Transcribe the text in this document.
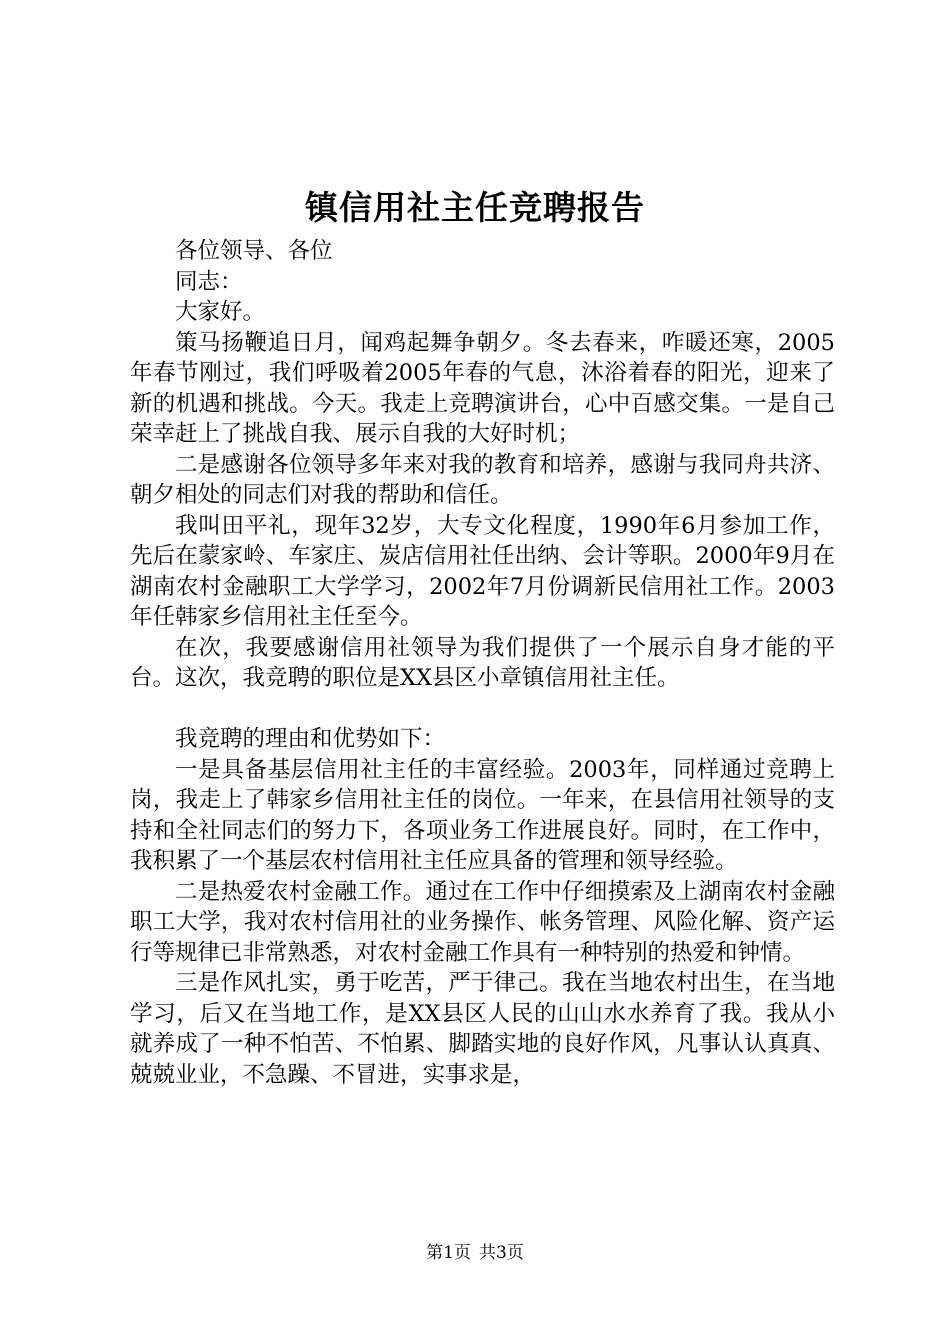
镇信用社主任竞聘报告

各位领导、各位

同志：

大家好。

策马扬鞭追日月，闻鸡起舞争朝夕。冬去春来，咋暖还寒，2005年春节刚过，我们呼吸着2005年春的气息，沐浴着春的阳光，迎来了新的机遇和挑战。今天。我走上竞聘演讲台，心中百感交集。一是自己荣幸赶上了挑战自我、展示自我的大好时机；

二是感谢各位领导多年来对我的教育和培养，感谢与我同舟共济、朝夕相处的同志们对我的帮助和信任。

我叫田平礼，现年32岁，大专文化程度，1990年6月参加工作，先后在蒙家岭、车家庄、炭店信用社任出纳、会计等职。2000年9月在湖南农村金融职工大学学习，2002年7月份调新民信用社工作。2003年任韩家乡信用社主任至今。

在次，我要感谢信用社领导为我们提供了一个展示自身才能的平台。这次，我竞聘的职位是XX县区小章镇信用社主任。

我竞聘的理由和优势如下：

一是具备基层信用社主任的丰富经验。2003年，同样通过竞聘上岗，我走上了韩家乡信用社主任的岗位。一年来，在县信用社领导的支持和全社同志们的努力下，各项业务工作进展良好。同时，在工作中，我积累了一个基层农村信用社主任应具备的管理和领导经验。

二是热爱农村金融工作。通过在工作中仔细摸索及上湖南农村金融职工大学，我对农村信用社的业务操作、帐务管理、风险化解、资产运行等规律已非常熟悉，对农村金融工作具有一种特别的热爱和钟情。

三是作风扎实，勇于吃苦，严于律己。我在当地农村出生，在当地学习，后又在当地工作，是XX县区人民的山山水水养育了我。我从小就养成了一种不怕苦、不怕累、脚踏实地的良好作风，凡事认认真真、兢兢业业，不急躁、不冒进，实事求是，

第1页 共3页
